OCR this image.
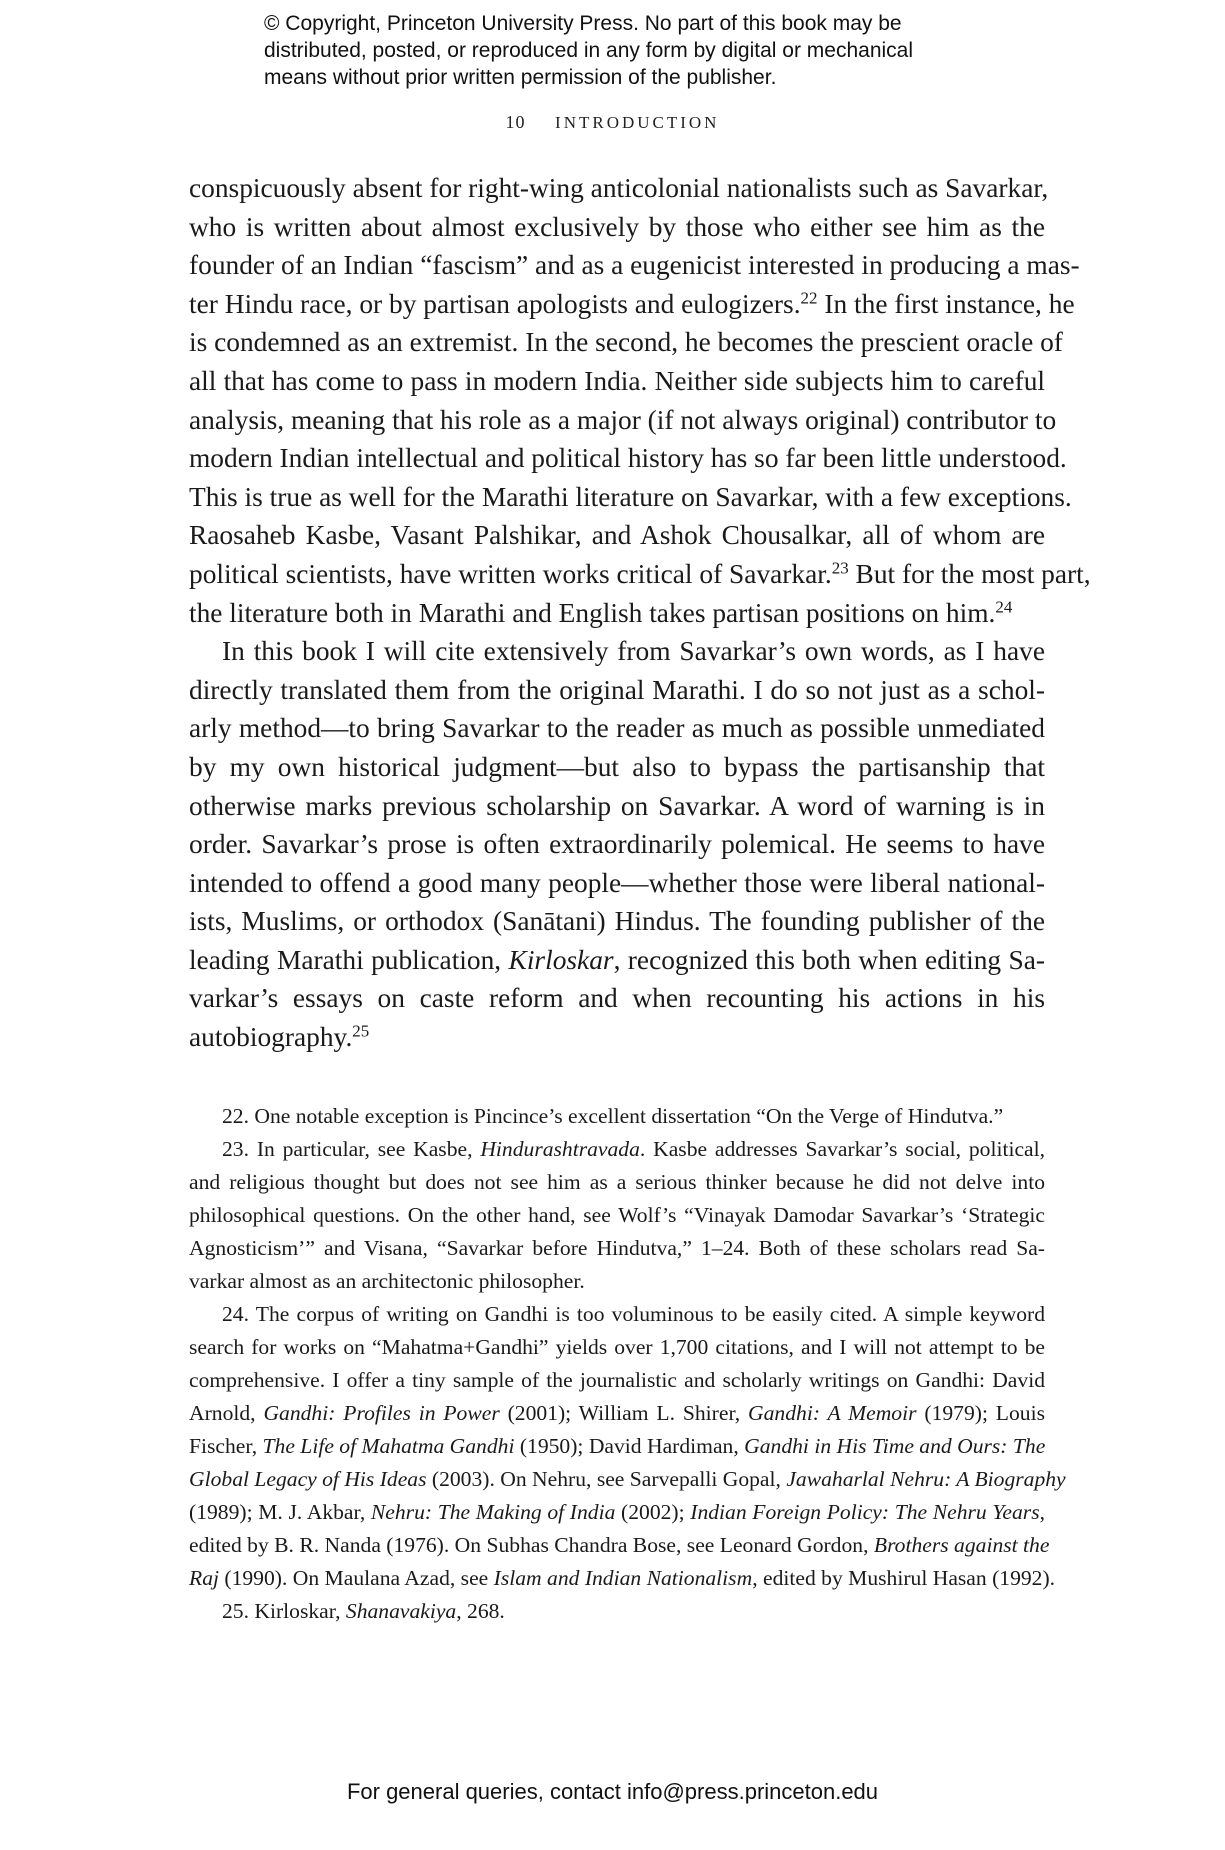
© Copyright, Princeton University Press. No part of this book may be
distributed, posted, or reproduced in any form by digital or mechanical
means without prior written permission of the publisher.
10 INTRODUCTION
conspicuously absent for right-wing anticolonial nationalists such as Savarkar,
who is written about almost exclusively by those who either see him as the
founder of an Indian “fascism” and as a eugenicist interested in producing a mas-
ter Hindu race, or by partisan apologists and eulogizers.$^{22}$ In the first instance, he
is condemned as an extremist. In the second, he becomes the prescient oracle of
all that has come to pass in modern India. Neither side subjects him to careful
analysis, meaning that his role as a major (if not always original) contributor to
modern Indian intellectual and political history has so far been little understood.
This is true as well for the Marathi literature on Savarkar, with a few exceptions.
Raosaheb Kasbe, Vasant Palshikar, and Ashok Chousalkar, all of whom are
political scientists, have written works critical of Savarkar.$^{23}$ But for the most part,
the literature both in Marathi and English takes partisan positions on him.$^{24}$
In this book I will cite extensively from Savarkar’s own words, as I have
directly translated them from the original Marathi. I do so not just as a schol-
arly method—to bring Savarkar to the reader as much as possible unmediated
by my own historical judgment—but also to bypass the partisanship that
otherwise marks previous scholarship on Savarkar. A word of warning is in
order. Savarkar’s prose is often extraordinarily polemical. He seems to have
intended to offend a good many people—whether those were liberal national-
ists, Muslims, or orthodox (Sanātani) Hindus. The founding publisher of the
leading Marathi publication, Kirloskar, recognized this both when editing Sa-
varkar’s essays on caste reform and when recounting his actions in his
autobiography.$^{25}$
22. One notable exception is Pincince’s excellent dissertation “On the Verge of Hindutva.”
23. In particular, see Kasbe, Hindurashtravada. Kasbe addresses Savarkar’s social, political,
and religious thought but does not see him as a serious thinker because he did not delve into
philosophical questions. On the other hand, see Wolf’s “Vinayak Damodar Savarkar’s ‘Strategic
Agnosticism’” and Visana, “Savarkar before Hindutva,” 1–24. Both of these scholars read Sa-
varkar almost as an architectonic philosopher.
24. The corpus of writing on Gandhi is too voluminous to be easily cited. A simple keyword
search for works on “Mahatma+Gandhi” yields over 1,700 citations, and I will not attempt to be
comprehensive. I offer a tiny sample of the journalistic and scholarly writings on Gandhi: David
Arnold, Gandhi: Profiles in Power (2001); William L. Shirer, Gandhi: A Memoir (1979); Louis
Fischer, The Life of Mahatma Gandhi (1950); David Hardiman, Gandhi in His Time and Ours: The
Global Legacy of His Ideas (2003). On Nehru, see Sarvepalli Gopal, Jawaharlal Nehru: A Biography
(1989); M. J. Akbar, Nehru: The Making of India (2002); Indian Foreign Policy: The Nehru Years,
edited by B. R. Nanda (1976). On Subhas Chandra Bose, see Leonard Gordon, Brothers against the
Raj (1990). On Maulana Azad, see Islam and Indian Nationalism, edited by Mushirul Hasan (1992).
25. Kirloskar, Shanavakiya, 268.
For general queries, contact info@press.princeton.edu
